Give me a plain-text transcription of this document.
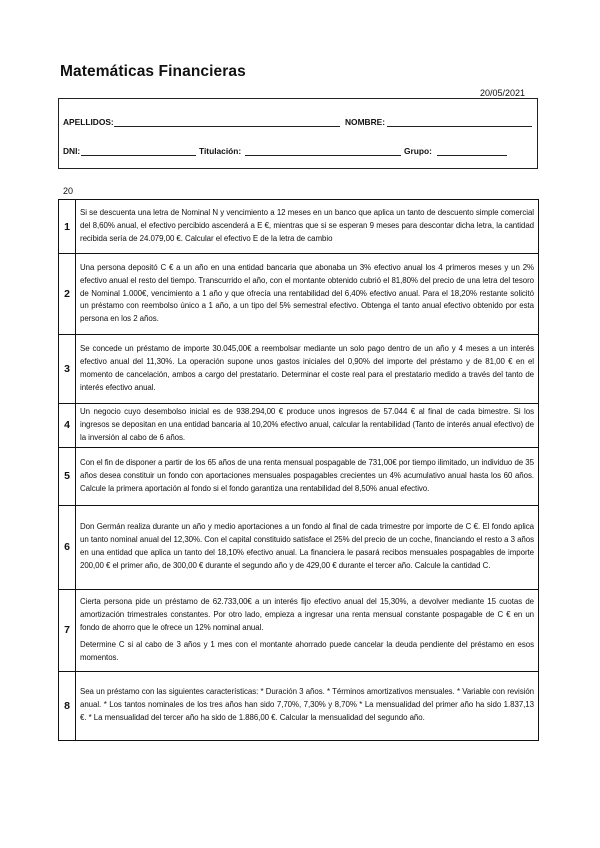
Matemáticas Financieras
20/05/2021
APELLIDOS:	NOMBRE:
DNI:	Titulación:	Grupo:
20
1	Si se descuenta una letra de Nominal N y vencimiento a 12 meses en un banco que aplica un tanto de descuento simple comercial del 8,60% anual, el efectivo percibido ascenderá a E €, mientras que si se esperan 9 meses para descontar dicha letra, la cantidad recibida sería de 24.079,00 €. Calcular el efectivo E de la letra de cambio
2	Una persona depositó C € a un año en una entidad bancaria que abonaba un 3% efectivo anual los 4 primeros meses y un 2% efectivo anual el resto del tiempo. Transcurrido el año, con el montante obtenido cubrió el 81,80% del precio de una letra del tesoro de Nominal 1.000€, vencimiento a 1 año y que ofrecía una rentabilidad del 6,40% efectivo anual. Para el 18,20% restante solicitó un préstamo con reembolso único a 1 año, a un tipo del 5% semestral efectivo. Obtenga el tanto anual efectivo obtenido por esta persona en los 2 años.
3	Se concede un préstamo de importe 30.045,00€ a reembolsar mediante un solo pago dentro de un año y 4 meses a un interés efectivo anual del 11,30%. La operación supone unos gastos iniciales del 0,90% del importe del préstamo y de 81,00 € en el momento de cancelación, ambos a cargo del prestatario. Determinar el coste real para el prestatario medido a través del tanto de interés efectivo anual.
4	Un negocio cuyo desembolso inicial es de 938.294,00 € produce unos ingresos de 57.044 € al final de cada bimestre. Si los ingresos se depositan en una entidad bancaria al 10,20% efectivo anual, calcular la rentabilidad (Tanto de interés anual efectivo) de la inversión al cabo de 6 años.
5	Con el fin de disponer a partir de los 65 años de una renta mensual pospagable de 731,00€ por tiempo ilimitado, un individuo de 35 años desea constituir un fondo con aportaciones mensuales pospagables crecientes un 4% acumulativo anual hasta los 60 años. Calcule la primera aportación al fondo si el fondo garantiza una rentabilidad del 8,50% anual efectivo.
6	Don Germán realiza durante un año y medio aportaciones a un fondo al final de cada trimestre por importe de C €. El fondo aplica un tanto nominal anual del 12,30%. Con el capital constituido satisface el 25% del precio de un coche, financiando el resto a 3 años en una entidad que aplica un tanto del 18,10% efectivo anual. La financiera le pasará recibos mensuales pospagables de importe 200,00 € el primer año, de 300,00 € durante el segundo año y de 429,00 € durante el tercer año. Calcule la cantidad C.
7	Cierta persona pide un préstamo de 62.733,00€ a un interés fijo efectivo anual del 15,30%, a devolver mediante 15 cuotas de amortización trimestrales constantes. Por otro lado, empieza a ingresar una renta mensual constante pospagable de C € en un fondo de ahorro que le ofrece un 12% nominal anual.
Determine C si al cabo de 3 años y 1 mes con el montante ahorrado puede cancelar la deuda pendiente del préstamo en esos momentos.

8	Sea un préstamo con las siguientes características: * Duración 3 años. * Términos amortizativos mensuales. * Variable con revisión anual. * Los tantos nominales de los tres años han sido 7,70%, 7,30% y 8,70% * La mensualidad del primer año ha sido 1.837,13 €. * La mensualidad del tercer año ha sido de 1.886,00 €. Calcular la mensualidad del segundo año.
